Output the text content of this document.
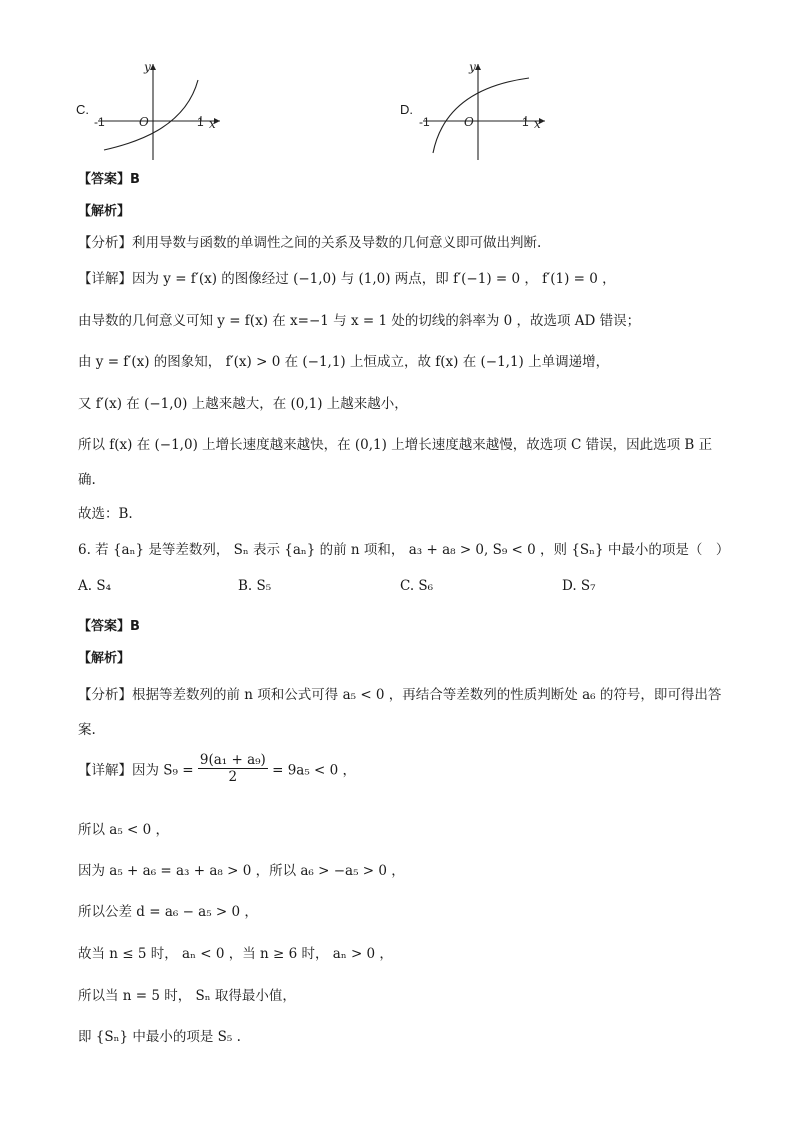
C.
y
x
O
-1	1
D.
y
x
O
-1	1
【答案】B
【解析】
【分析】利用导数与函数的单调性之间的关系及导数的几何意义即可做出判断.
【详解】因为 y = f′(x) 的图像经过 (−1,0) 与 (1,0) 两点，即 f′(−1) = 0 ， f′(1) = 0 ，
由导数的几何意义可知 y = f(x) 在 x=−1 与 x = 1 处的切线的斜率为 0 ，故选项 AD 错误；
由 y = f′(x) 的图象知， f′(x) > 0 在 (−1,1) 上恒成立，故 f(x) 在 (−1,1) 上单调递增，
又 f′(x) 在 (−1,0) 上越来越大，在 (0,1) 上越来越小，
所以 f(x) 在 (−1,0) 上增长速度越来越快，在 (0,1) 上增长速度越来越慢，故选项 C 错误，因此选项 B 正
确.
故选：B.
6. 若 {aₙ} 是等差数列， Sₙ 表示 {aₙ} 的前 n 项和， a₃ + a₈ > 0, S₉ < 0 ，则 {Sₙ} 中最小的项是（　）
A. S₄	B. S₅	C. S₆	D. S₇
【答案】B
【解析】
【分析】根据等差数列的前 n 项和公式可得 a₅ < 0 ，再结合等差数列的性质判断处 a₆ 的符号，即可得出答
案.
【详解】因为 $S_9 = \frac{\text{9(a₁ + a₉)}}{2} = 9a_5 < 0$ ，
所以 a₅ < 0 ，
因为 a₅ + a₆ = a₃ + a₈ > 0 ，所以 a₆ > −a₅ > 0 ，
所以公差 d = a₆ − a₅ > 0 ，
故当 n ≤ 5 时， aₙ < 0 ，当 n ≥ 6 时， aₙ > 0 ，
所以当 n = 5 时， Sₙ 取得最小值，
即 {Sₙ} 中最小的项是 S₅ .
